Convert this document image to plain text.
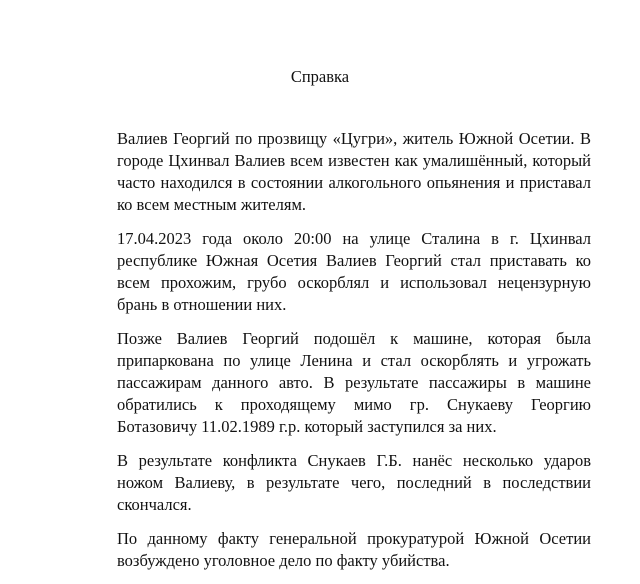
Справка

Валиев Георгий по прозвищу «Цугри», житель Южной Осетии. В городе Цхинвал Валиев всем известен как умалишённый, который часто находился в состоянии алкогольного опьянения и приставал ко всем местным жителям.

17.04.2023 года около 20:00 на улице Сталина в г. Цхинвал республике Южная Осетия Валиев Георгий стал приставать ко всем прохожим, грубо оскорблял и использовал нецензурную брань в отношении них.

Позже Валиев Георгий подошёл к машине, которая была припаркована по улице Ленина и стал оскорблять и угрожать пассажирам данного авто. В результате пассажиры в машине обратились к проходящему мимо гр. Снукаеву Георгию Ботазовичу 11.02.1989 г.р. который заступился за них.

В результате конфликта Снукаев Г.Б. нанёс несколько ударов ножом Валиеву, в результате чего, последний в последствии скончался.

По данному факту генеральной прокуратурой Южной Осетии возбуждено уголовное дело по факту убийства.
